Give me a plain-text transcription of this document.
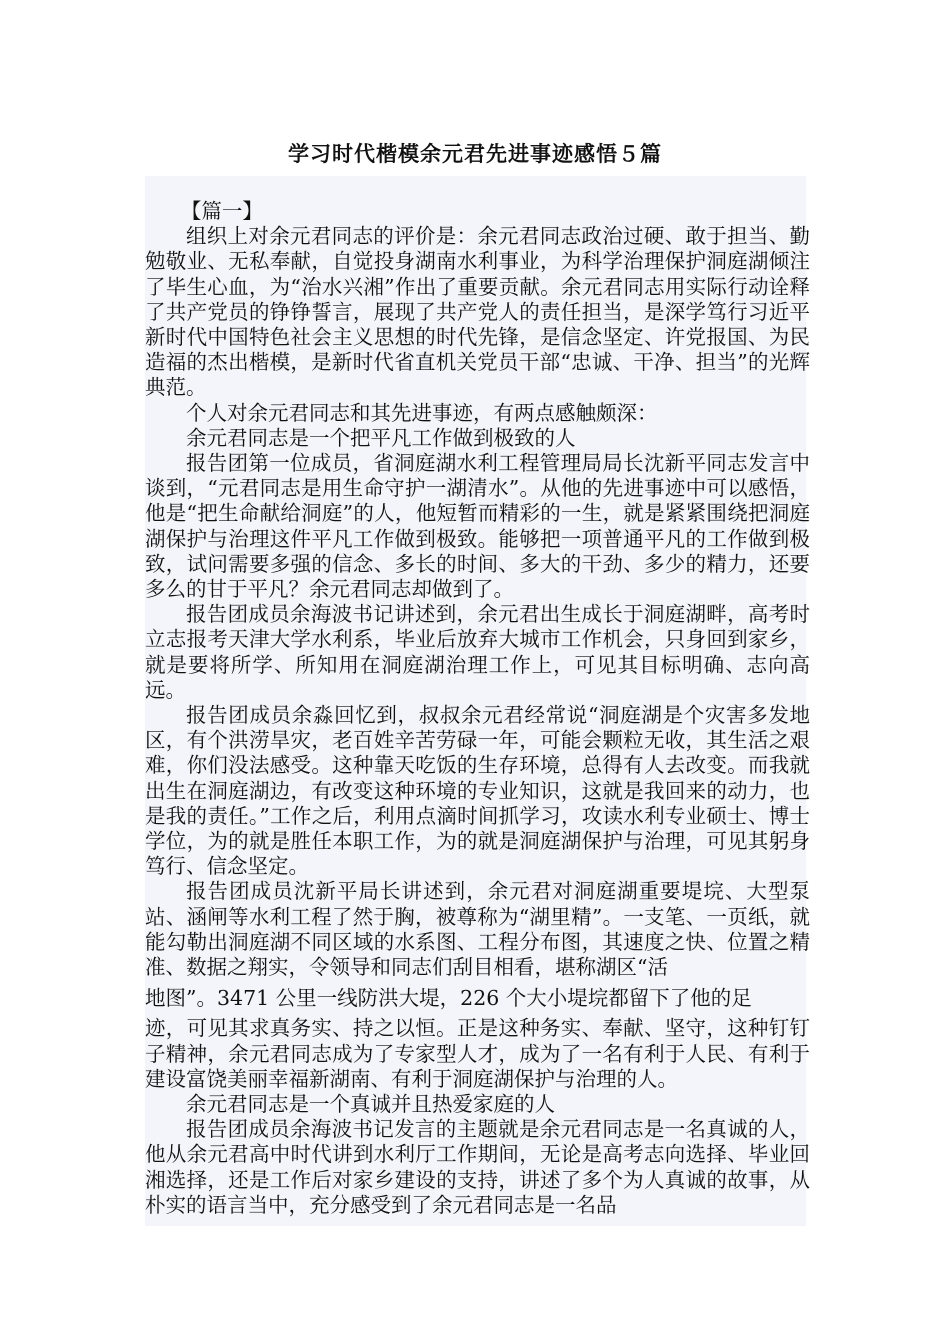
学习时代楷模余元君先进事迹感悟５篇

【篇一】

组织上对余元君同志的评价是：余元君同志政治过硬、敢于担当、勤勉敬业、无私奉献，自觉投身湖南水利事业，为科学治理保护洞庭湖倾注了毕生心血，为“治水兴湘”作出了重要贡献。余元君同志用实际行动诠释了共产党员的铮铮誓言，展现了共产党人的责任担当，是深学笃行习近平新时代中国特色社会主义思想的时代先锋，是信念坚定、许党报国、为民造福的杰出楷模，是新时代省直机关党员干部“忠诚、干净、担当”的光辉典范。

个人对余元君同志和其先进事迹，有两点感触颇深：

余元君同志是一个把平凡工作做到极致的人

报告团第一位成员，省洞庭湖水利工程管理局局长沈新平同志发言中谈到，“元君同志是用生命守护一湖清水”。从他的先进事迹中可以感悟，他是“把生命献给洞庭”的人，他短暂而精彩的一生，就是紧紧围绕把洞庭湖保护与治理这件平凡工作做到极致。能够把一项普通平凡的工作做到极致，试问需要多强的信念、多长的时间、多大的干劲、多少的精力，还要多么的甘于平凡？余元君同志却做到了。

报告团成员余海波书记讲述到，余元君出生成长于洞庭湖畔，高考时立志报考天津大学水利系，毕业后放弃大城市工作机会，只身回到家乡，就是要将所学、所知用在洞庭湖治理工作上，可见其目标明确、志向高远。

报告团成员余淼回忆到，叔叔余元君经常说“洞庭湖是个灾害多发地区，有个洪涝旱灾，老百姓辛苦劳碌一年，可能会颗粒无收，其生活之艰难，你们没法感受。这种靠天吃饭的生存环境，总得有人去改变。而我就出生在洞庭湖边，有改变这种环境的专业知识，这就是我回来的动力，也是我的责任。”工作之后，利用点滴时间抓学习，攻读水利专业硕士、博士学位，为的就是胜任本职工作，为的就是洞庭湖保护与治理，可见其躬身笃行、信念坚定。

报告团成员沈新平局长讲述到，余元君对洞庭湖重要堤垸、大型泵站、涵闸等水利工程了然于胸，被尊称为“湖里精”。一支笔、一页纸，就能勾勒出洞庭湖不同区域的水系图、工程分布图，其速度之快、位置之精准、数据之翔实，令领导和同志们刮目相看，堪称湖区“活

地图”。3471 公里一线防洪大堤，226 个大小堤垸都留下了他的足

迹，可见其求真务实、持之以恒。正是这种务实、奉献、坚守，这种钉钉子精神，余元君同志成为了专家型人才，成为了一名有利于人民、有利于建设富饶美丽幸福新湖南、有利于洞庭湖保护与治理的人。

余元君同志是一个真诚并且热爱家庭的人

报告团成员余海波书记发言的主题就是余元君同志是一名真诚的人，他从余元君高中时代讲到水利厅工作期间，无论是高考志向选择、毕业回湘选择，还是工作后对家乡建设的支持，讲述了多个为人真诚的故事，从朴实的语言当中，充分感受到了余元君同志是一名品
